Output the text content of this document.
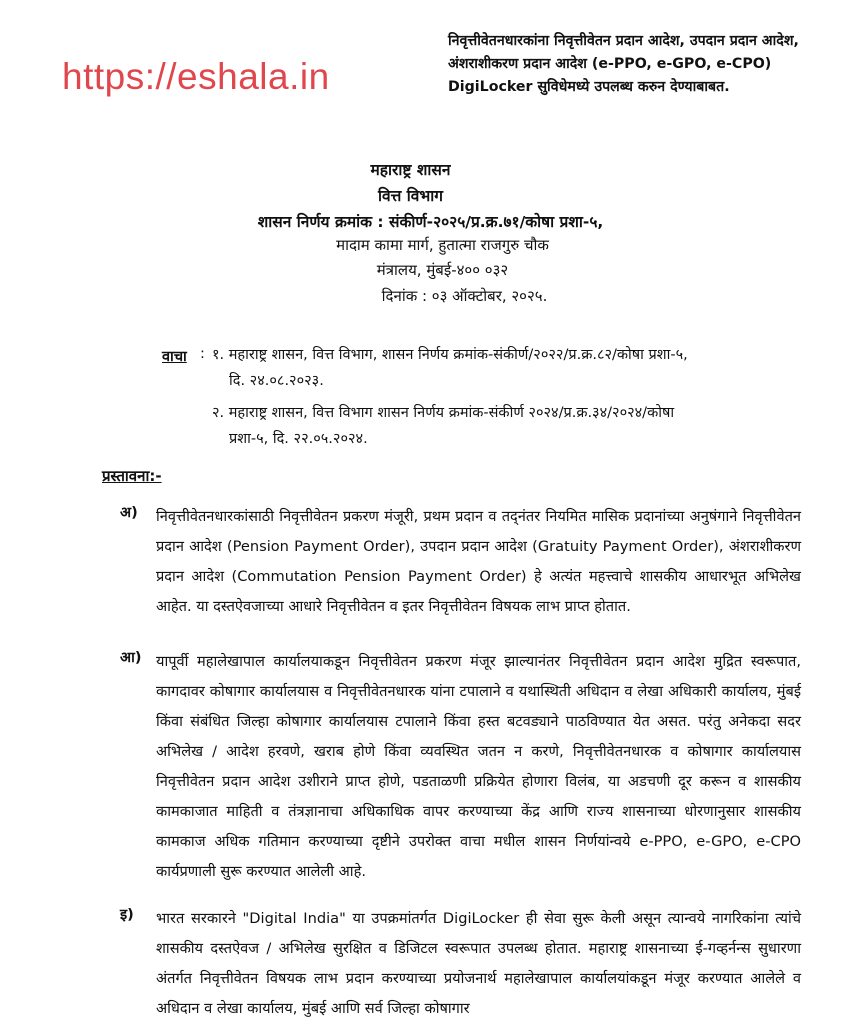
https://eshala.in

निवृत्तीवेतनधारकांना निवृत्तीवेतन प्रदान आदेश, उपदान प्रदान आदेश, अंशराशीकरण प्रदान आदेश (e-PPO, e-GPO, e-CPO) DigiLocker सुविधेमध्ये उपलब्ध करुन देण्याबाबत.

महाराष्ट्र शासन

वित्त विभाग

शासन निर्णय क्रमांक : संकीर्ण-२०२५/प्र.क्र.७१/कोषा प्रशा-५,

मादाम कामा मार्ग, हुतात्मा राजगुरु चौक

मंत्रालय, मुंबई-४०० ०३२

दिनांक : ०३ ऑक्टोबर, २०२५.

वाचा : १. महाराष्ट्र शासन, वित्त विभाग, शासन निर्णय क्रमांक-संकीर्ण/२०२२/प्र.क्र.८२/कोषा प्रशा-५,
दि. २४.०८.२०२३.
२. महाराष्ट्र शासन, वित्त विभाग शासन निर्णय क्रमांक-संकीर्ण २०२४/प्र.क्र.३४/२०२४/कोषा
प्रशा-५, दि. २२.०५.२०२४.

प्रस्तावना:-

अ) निवृत्तीवेतनधारकांसाठी निवृत्तीवेतन प्रकरण मंजूरी, प्रथम प्रदान व तद्नंतर नियमित मासिक प्रदानांच्या अनुषंगाने निवृत्तीवेतन प्रदान आदेश (Pension Payment Order), उपदान प्रदान आदेश (Gratuity Payment Order), अंशराशीकरण प्रदान आदेश (Commutation Pension Payment Order) हे अत्यंत महत्त्वाचे शासकीय आधारभूत अभिलेख आहेत. या दस्तऐवजाच्या आधारे निवृत्तीवेतन व इतर निवृत्तीवेतन विषयक लाभ प्राप्त होतात.

आ) यापूर्वी महालेखापाल कार्यालयाकडून निवृत्तीवेतन प्रकरण मंजूर झाल्यानंतर निवृत्तीवेतन प्रदान आदेश मुद्रित स्वरूपात, कागदावर कोषागार कार्यालयास व निवृत्तीवेतनधारक यांना टपालाने व यथास्थिती अधिदान व लेखा अधिकारी कार्यालय, मुंबई किंवा संबंधित जिल्हा कोषागार कार्यालयास टपालाने किंवा हस्त बटवड्याने पाठविण्यात येत असत. परंतु अनेकदा सदर अभिलेख / आदेश हरवणे, खराब होणे किंवा व्यवस्थित जतन न करणे, निवृत्तीवेतनधारक व कोषागार कार्यालयास निवृत्तीवेतन प्रदान आदेश उशीराने प्राप्त होणे, पडताळणी प्रक्रियेत होणारा विलंब, या अडचणी दूर करून व शासकीय कामकाजात माहिती व तंत्रज्ञानाचा अधिकाधिक वापर करण्याच्या केंद्र आणि राज्य शासनाच्या धोरणानुसार शासकीय कामकाज अधिक गतिमान करण्याच्या दृष्टीने उपरोक्त वाचा मधील शासन निर्णयांन्वये e-PPO, e-GPO, e-CPO कार्यप्रणाली सुरू करण्यात आलेली आहे.

इ) भारत सरकारने "Digital India" या उपक्रमांतर्गत DigiLocker ही सेवा सुरू केली असून त्यान्वये नागरिकांना त्यांचे शासकीय दस्तऐवज / अभिलेख सुरक्षित व डिजिटल स्वरूपात उपलब्ध होतात. महाराष्ट्र शासनाच्या ई-गव्हर्नन्स सुधारणा अंतर्गत निवृत्तीवेतन विषयक लाभ प्रदान करण्याच्या प्रयोजनार्थ महालेखापाल कार्यालयांकडून मंजूर करण्यात आलेले व अधिदान व लेखा कार्यालय, मुंबई आणि सर्व जिल्हा कोषागार
